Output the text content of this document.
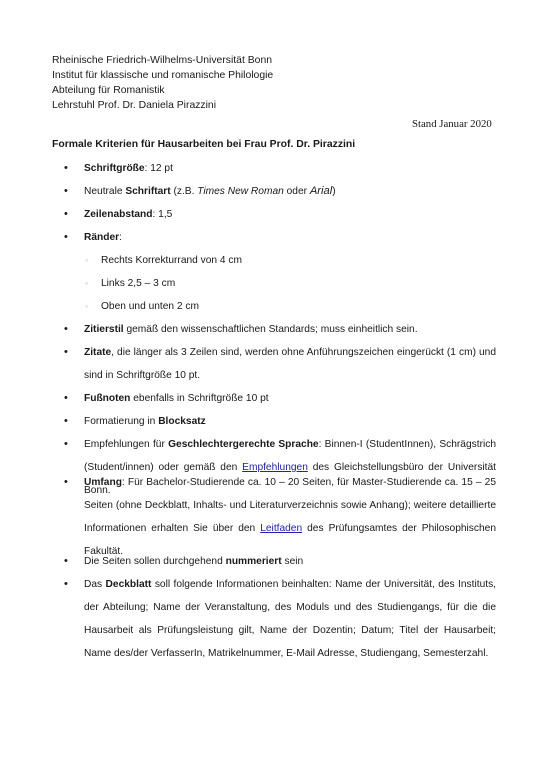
Rheinische Friedrich-Wilhelms-Universität Bonn
Institut für klassische und romanische Philologie
Abteilung für Romanistik
Lehrstuhl Prof. Dr. Daniela Pirazzini
Stand Januar 2020
Formale Kriterien für Hausarbeiten bei Frau Prof. Dr. Pirazzini
• Schriftgröße: 12 pt
• Neutrale Schriftart (z.B. Times New Roman oder Arial)
• Zeilenabstand: 1,5
• Ränder:
◦ Rechts Korrekturrand von 4 cm
◦ Links 2,5 – 3 cm
◦ Oben und unten 2 cm
• Zitierstil gemäß den wissenschaftlichen Standards; muss einheitlich sein.
• Zitate, die länger als 3 Zeilen sind, werden ohne Anführungszeichen eingerückt (1 cm) und sind in Schriftgröße 10 pt.
• Fußnoten ebenfalls in Schriftgröße 10 pt
• Formatierung in Blocksatz
• Empfehlungen für Geschlechtergerechte Sprache: Binnen-I (StudentInnen), Schrägstrich (Student/innen) oder gemäß den Empfehlungen des Gleichstellungsbüro der Universität Bonn.
• Umfang: Für Bachelor-Studierende ca. 10 – 20 Seiten, für Master-Studierende ca. 15 – 25 Seiten (ohne Deckblatt, Inhalts- und Literaturverzeichnis sowie Anhang); weitere detaillierte Informationen erhalten Sie über den Leitfaden des Prüfungsamtes der Philosophischen Fakultät.
• Die Seiten sollen durchgehend nummeriert sein
• Das Deckblatt soll folgende Informationen beinhalten: Name der Universität, des Instituts, der Abteilung; Name der Veranstaltung, des Moduls und des Studiengangs, für die die Hausarbeit als Prüfungsleistung gilt, Name der Dozentin; Datum; Titel der Hausarbeit; Name des/der VerfasserIn, Matrikelnummer, E-Mail Adresse, Studiengang, Semesterzahl.
